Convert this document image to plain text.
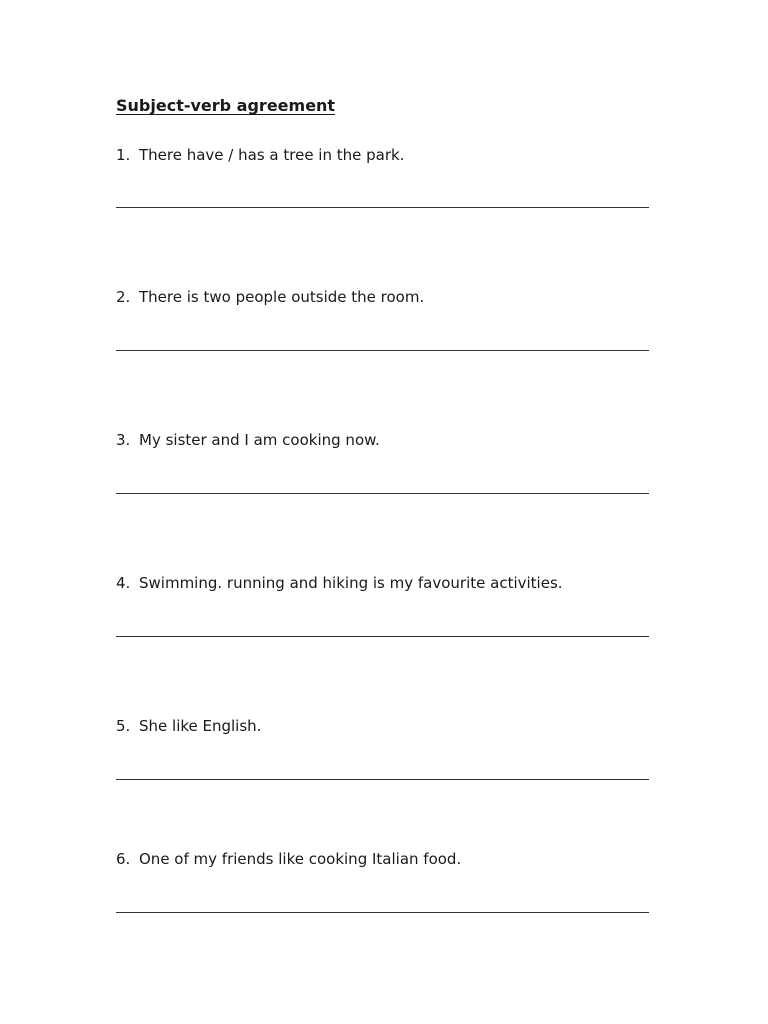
Subject-verb agreement
1. There have / has a tree in the park.
2. There is two people outside the room.
3. My sister and I am cooking now.
4. Swimming. running and hiking is my favourite activities.
5. She like English.
6. One of my friends like cooking Italian food.
